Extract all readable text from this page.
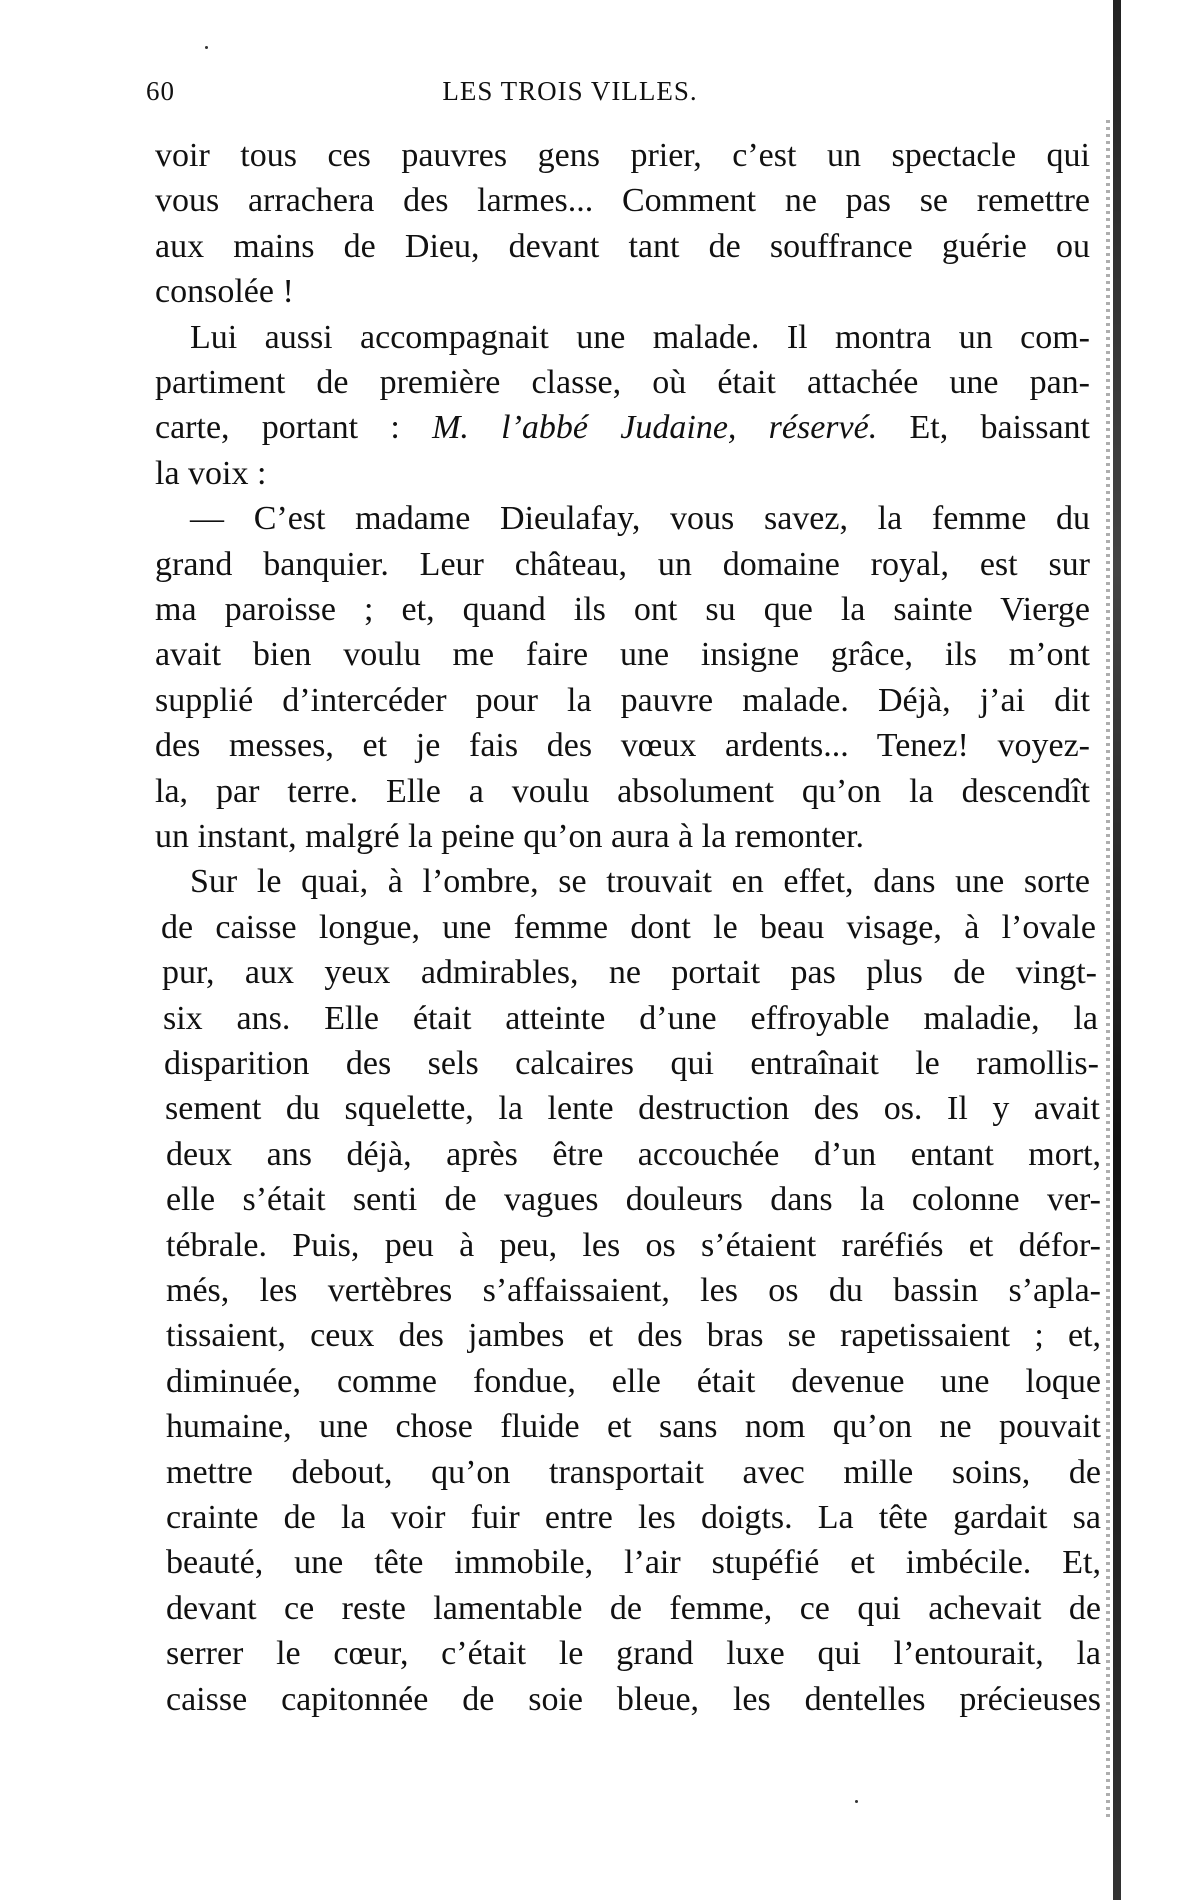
60	LES TROIS VILLES.
voir tous ces pauvres gens prier, c’est un spectacle qui
vous arrachera des larmes... Comment ne pas se remettre
aux mains de Dieu, devant tant de souffrance guérie ou
consolée !
Lui aussi accompagnait une malade. Il montra un com-
partiment de première classe, où était attachée une pan-
carte, portant : M. l’abbé Judaine, réservé. Et, baissant
la voix :
— C’est madame Dieulafay, vous savez, la femme du
grand banquier. Leur château, un domaine royal, est sur
ma paroisse ; et, quand ils ont su que la sainte Vierge
avait bien voulu me faire une insigne grâce, ils m’ont
supplié d’intercéder pour la pauvre malade. Déjà, j’ai dit
des messes, et je fais des vœux ardents... Tenez! voyez-
la, par terre. Elle a voulu absolument qu’on la descendît
un instant, malgré la peine qu’on aura à la remonter.
Sur le quai, à l’ombre, se trouvait en effet, dans une sorte
de caisse longue, une femme dont le beau visage, à l’ovale
pur, aux yeux admirables, ne portait pas plus de vingt-
six ans. Elle était atteinte d’une effroyable maladie, la
disparition des sels calcaires qui entraînait le ramollis-
sement du squelette, la lente destruction des os. Il y avait
deux ans déjà, après être accouchée d’un entant mort,
elle s’était senti de vagues douleurs dans la colonne ver-
tébrale. Puis, peu à peu, les os s’étaient raréfiés et défor-
més, les vertèbres s’affaissaient, les os du bassin s’apla-
tissaient, ceux des jambes et des bras se rapetissaient ; et,
diminuée, comme fondue, elle était devenue une loque
humaine, une chose fluide et sans nom qu’on ne pouvait
mettre debout, qu’on transportait avec mille soins, de
crainte de la voir fuir entre les doigts. La tête gardait sa
beauté, une tête immobile, l’air stupéfié et imbécile. Et,
devant ce reste lamentable de femme, ce qui achevait de
serrer le cœur, c’était le grand luxe qui l’entourait, la
caisse capitonnée de soie bleue, les dentelles précieuses
